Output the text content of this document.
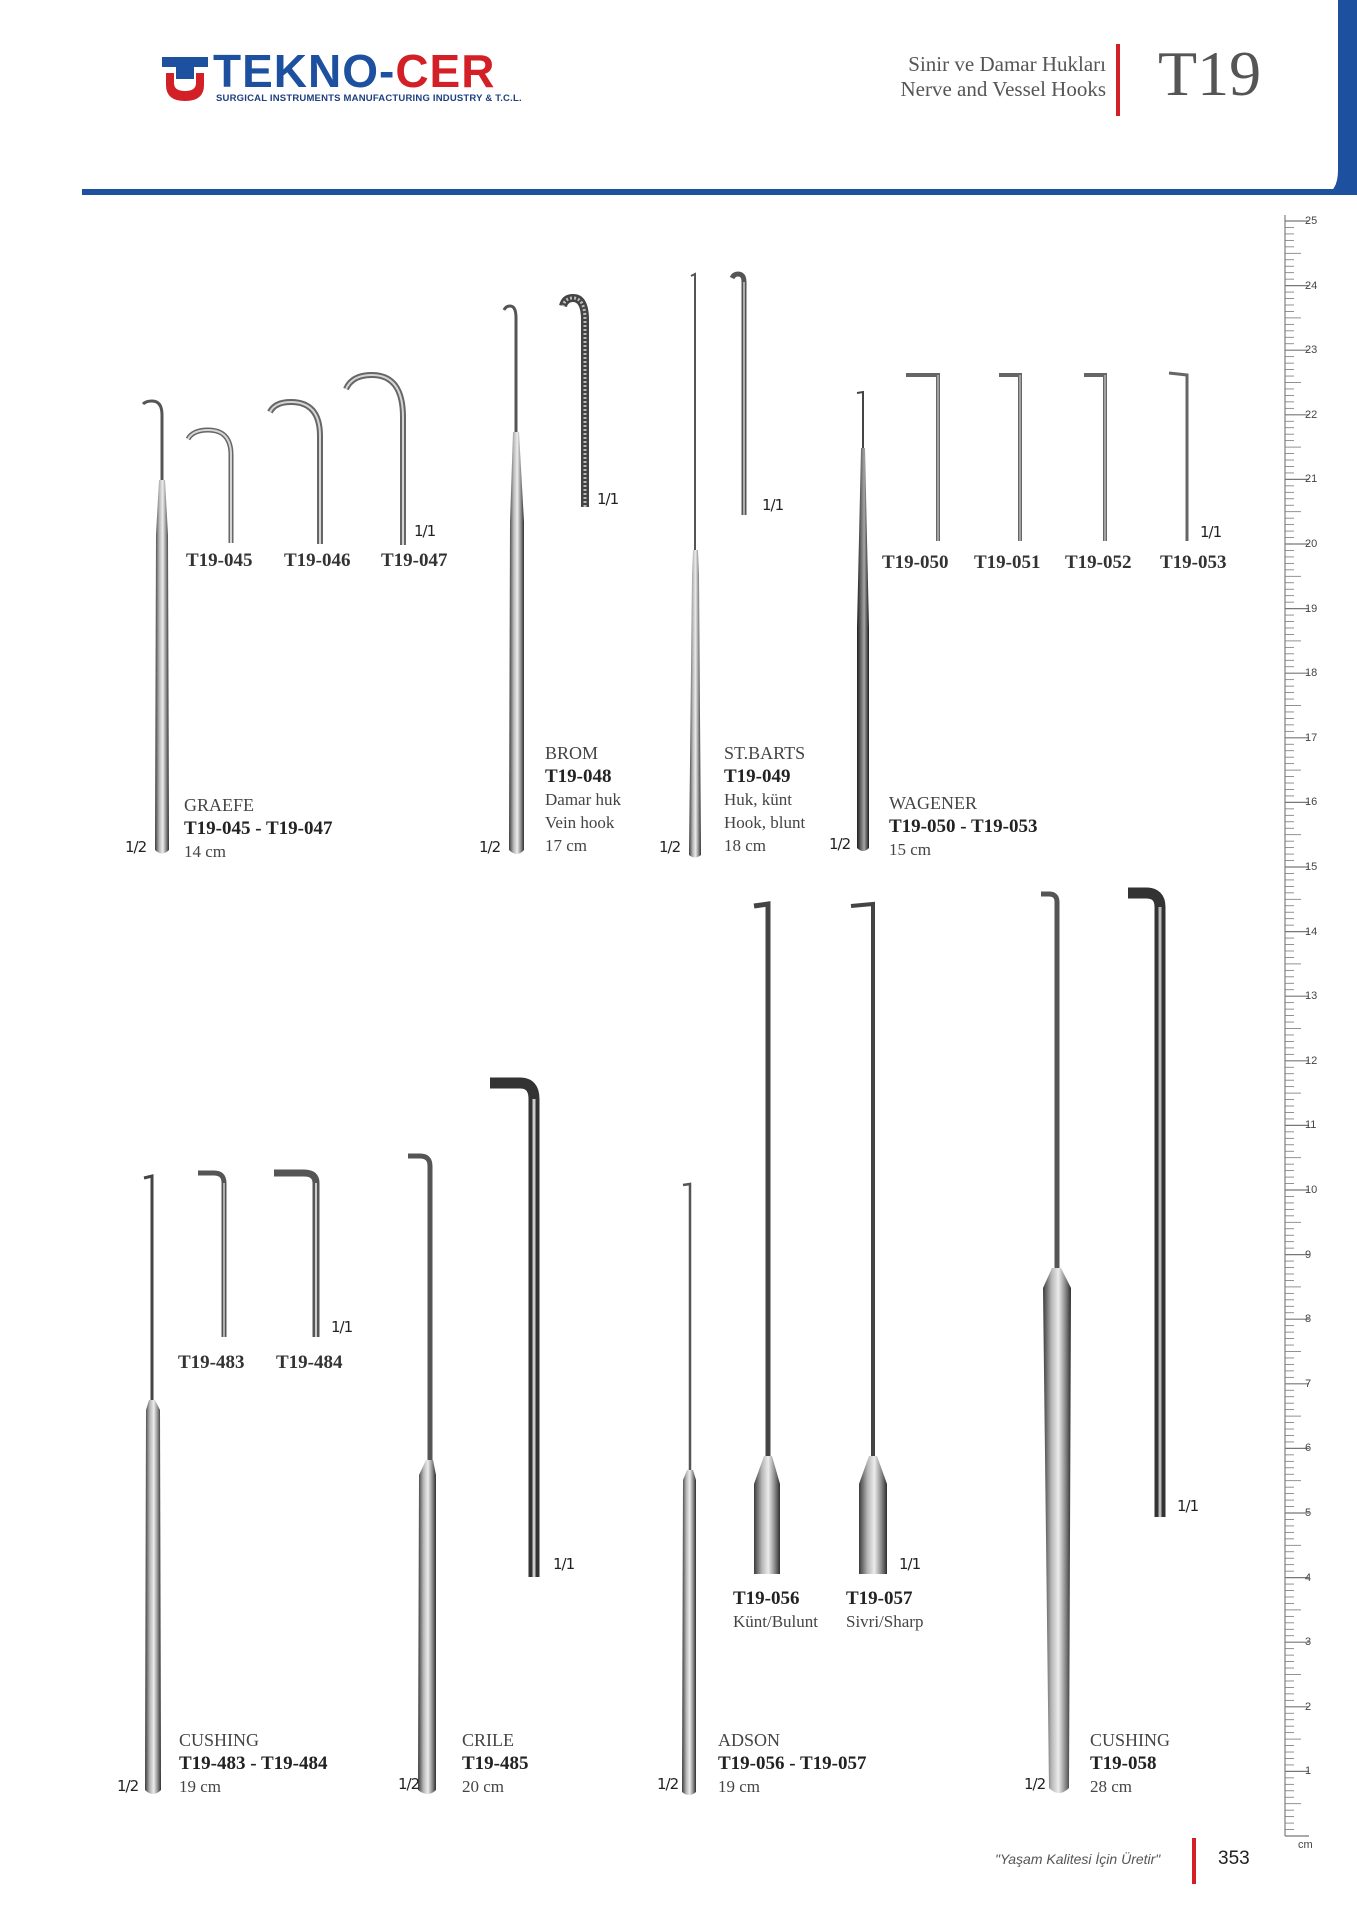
TEKNO-CER
SURGICAL INSTRUMENTS MANUFACTURING INDUSTRY & T.C.L.
Sinir ve Damar Hukları
Nerve and Vessel Hooks T19
T19-045 T19-046 T19-047
1/1
1/2
GRAEFE
T19-045 - T19-047
14 cm
1/1
1/2
BROM
T19-048
Damar huk
Vein hook
17 cm
1/1
1/2
ST.BARTS
T19-049
Huk, künt
Hook, blunt
18 cm
T19-050 T19-051 T19-052 T19-053
1/1
1/2
WAGENER
T19-050 - T19-053
15 cm
T19-483 T19-484
1/1
1/2
CUSHING
T19-483 - T19-484
19 cm
1/1
1/2
CRILE
T19-485
20 cm
T19-056
Künt/Bulunt
T19-057
Sivri/Sharp
1/1
1/2
ADSON
T19-056 - T19-057
19 cm
1/1
1/2
CUSHING
T19-058
28 cm
25
24
23
22
21
20
19
18
17
16
15
14
13
12
11
10
9
8
7
6
5
4
3
2
1
cm
"Yaşam Kalitesi İçin Üretir"	353
